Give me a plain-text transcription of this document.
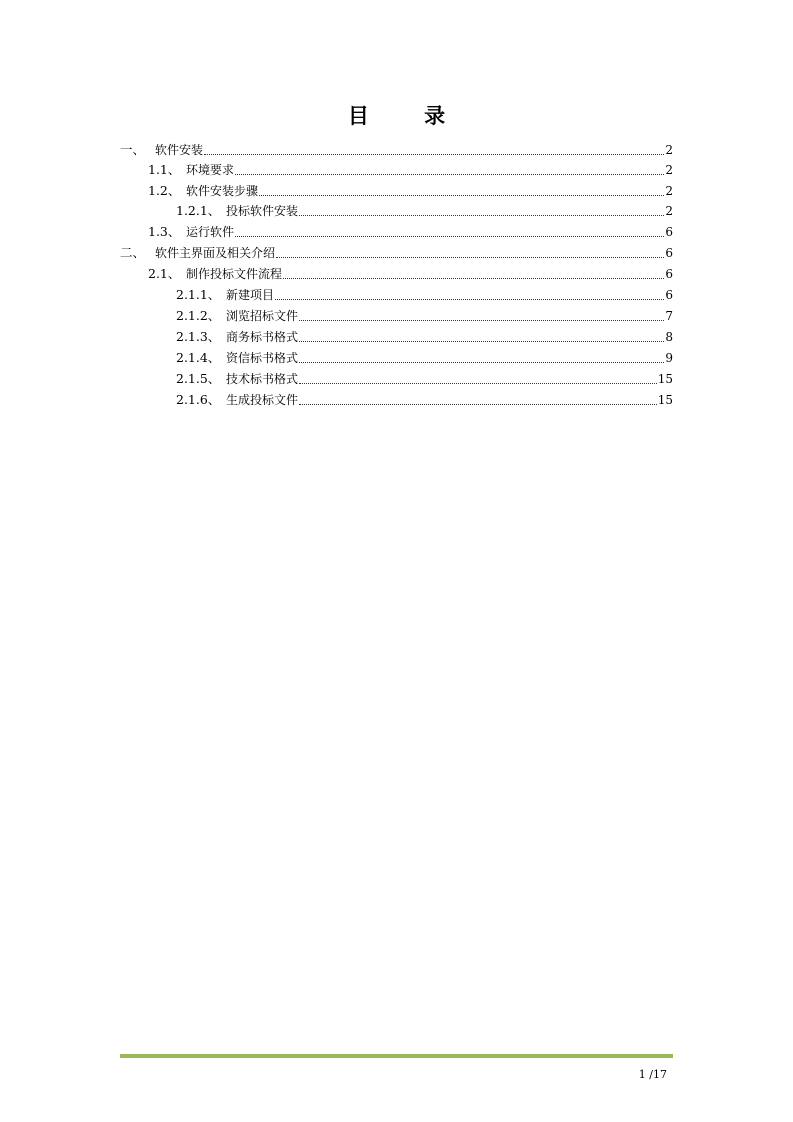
目 录
一、 软件安装	2
1.1、 环境要求	2
1.2、 软件安装步骤	2
1.2.1、 投标软件安装	2
1.3、 运行软件	6
二、 软件主界面及相关介绍	6
2.1、 制作投标文件流程	6
2.1.1、 新建项目	6
2.1.2、 浏览招标文件	7
2.1.3、 商务标书格式	8
2.1.4、 资信标书格式	9
2.1.5、 技术标书格式	15
2.1.6、 生成投标文件	15
1 /17
